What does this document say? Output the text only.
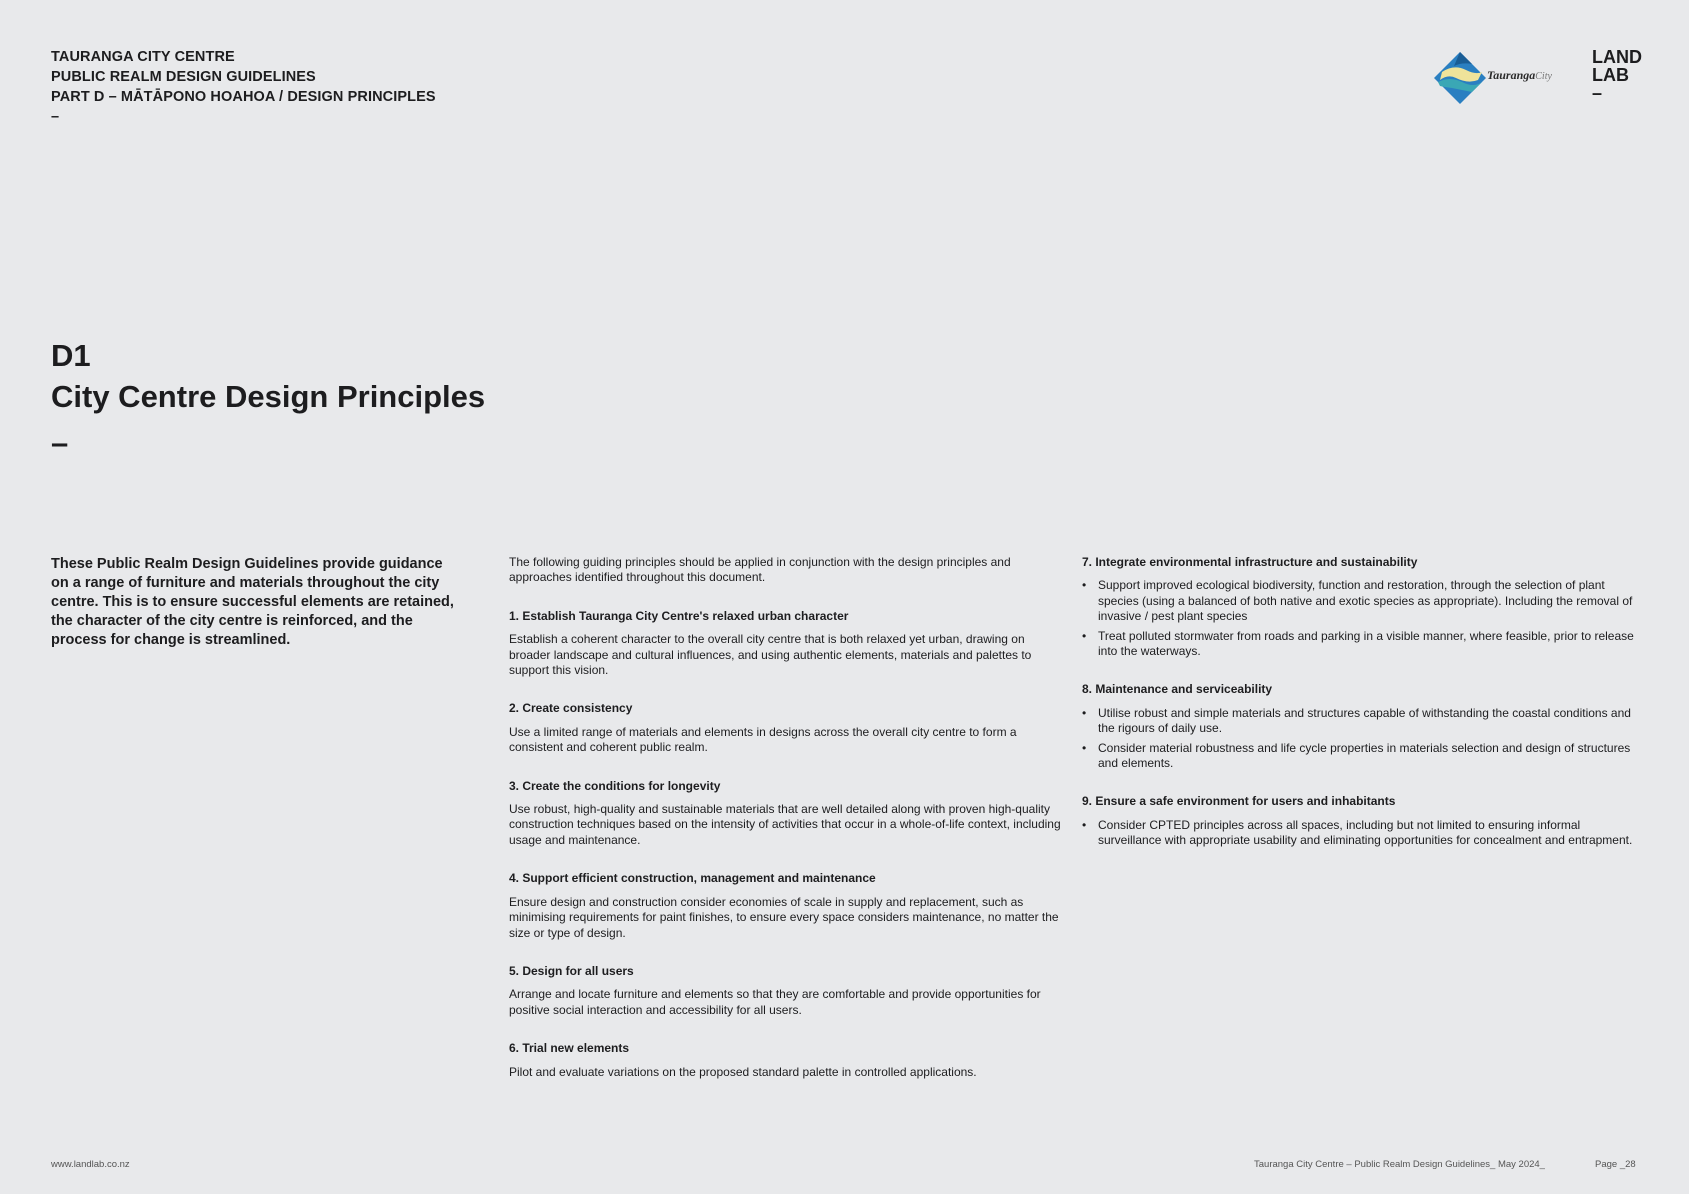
TAURANGA CITY CENTRE
PUBLIC REALM DESIGN GUIDELINES
PART D – MĀTĀPONO HOAHOA / DESIGN PRINCIPLES
–
TaurangaCity
LAND
LAB
–
D1
City Centre Design Principles
–
These Public Realm Design Guidelines provide guidance on a range of furniture and materials throughout the city centre. This is to ensure successful elements are retained, the character of the city centre is reinforced, and the process for change is streamlined.

The following guiding principles should be applied in conjunction with the design principles and approaches identified throughout this document.

1. Establish Tauranga City Centre's relaxed urban character

Establish a coherent character to the overall city centre that is both relaxed yet urban, drawing on broader landscape and cultural influences, and using authentic elements, materials and palettes to support this vision.

2. Create consistency

Use a limited range of materials and elements in designs across the overall city centre to form a consistent and coherent public realm.

3. Create the conditions for longevity

Use robust, high-quality and sustainable materials that are well detailed along with proven high-quality construction techniques based on the intensity of activities that occur in a whole-of-life context, including usage and maintenance.

4. Support efficient construction, management and maintenance

Ensure design and construction consider economies of scale in supply and replacement, such as minimising requirements for paint finishes, to ensure every space considers maintenance, no matter the size or type of design.

5. Design for all users

Arrange and locate furniture and elements so that they are comfortable and provide opportunities for positive social interaction and accessibility for all users.

6. Trial new elements

Pilot and evaluate variations on the proposed standard palette in controlled applications.

7. Integrate environmental infrastructure and sustainability
• Support improved ecological biodiversity, function and restoration, through the selection of plant species (using a balanced of both native and exotic species as appropriate). Including the removal of invasive / pest plant species
• Treat polluted stormwater from roads and parking in a visible manner, where feasible, prior to release into the waterways.
8. Maintenance and serviceability
• Utilise robust and simple materials and structures capable of withstanding the coastal conditions and the rigours of daily use.
• Consider material robustness and life cycle properties in materials selection and design of structures and elements.
9. Ensure a safe environment for users and inhabitants
• Consider CPTED principles across all spaces, including but not limited to ensuring informal surveillance with appropriate usability and eliminating opportunities for concealment and entrapment.
www.landlab.co.nz	Tauranga City Centre – Public Realm Design Guidelines_ May 2024_	Page _28
